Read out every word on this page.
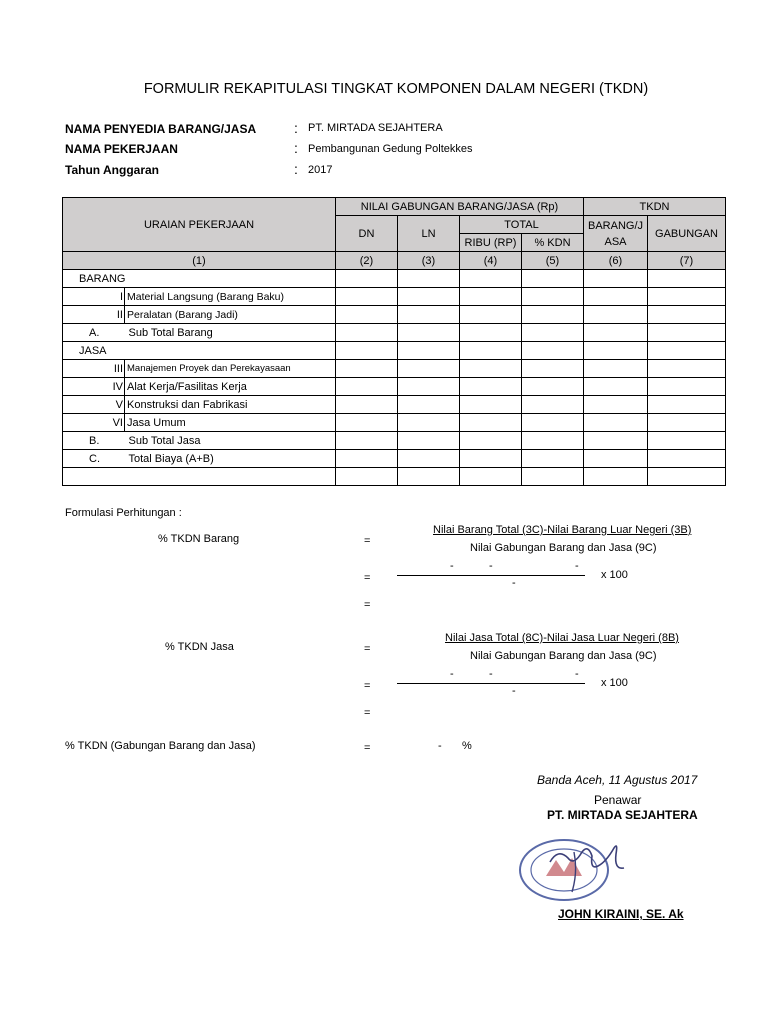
FORMULIR REKAPITULASI TINGKAT KOMPONEN DALAM NEGERI (TKDN)
NAMA PENYEDIA BARANG/JASA	: PT. MIRTADA SEJAHTERA
NAMA PEKERJAAN	: Pembangunan Gedung Poltekkes
Tahun Anggaran	: 2017
URAIAN PEKERJAAN		NILAI GABUNGAN BARANG/JASA (Rp)				TKDN	
		DN	LN	TOTAL		BARANG/J ASA	GABUNGAN
				RIBU (RP)	% KDN		
(1)		(2)	(3)	(4)	(5)	(6)	(7)
BARANG							
I	Material Langsung (Barang Baku)						
II	Peralatan (Barang Jadi)						
A.	Sub Total Barang						
JASA							
III	Manajemen Proyek dan Perekayasaan						
IV	Alat Kerja/Fasilitas Kerja						
V	Konstruksi dan Fabrikasi						
VI	Jasa Umum						
B.	Sub Total Jasa						
C.	Total Biaya (A+B)						

Formulasi Perhitungan :
% TKDN Barang	=
Nilai Barang Total (3C)-Nilai Barang Luar Negeri (3B)
Nilai Gabungan Barang dan Jasa (9C)
-	-	-
=	-
x 100
=
% TKDN Jasa	=
Nilai Jasa Total (8C)-Nilai Jasa Luar Negeri (8B)
Nilai Gabungan Barang dan Jasa (9C)
-	-	-
=	-
x 100
=
% TKDN (Gabungan Barang dan Jasa)	=	- %
Banda Aceh, 11 Agustus 2017
Penawar
PT. MIRTADA SEJAHTERA
JOHN KIRAINI, SE. Ak
